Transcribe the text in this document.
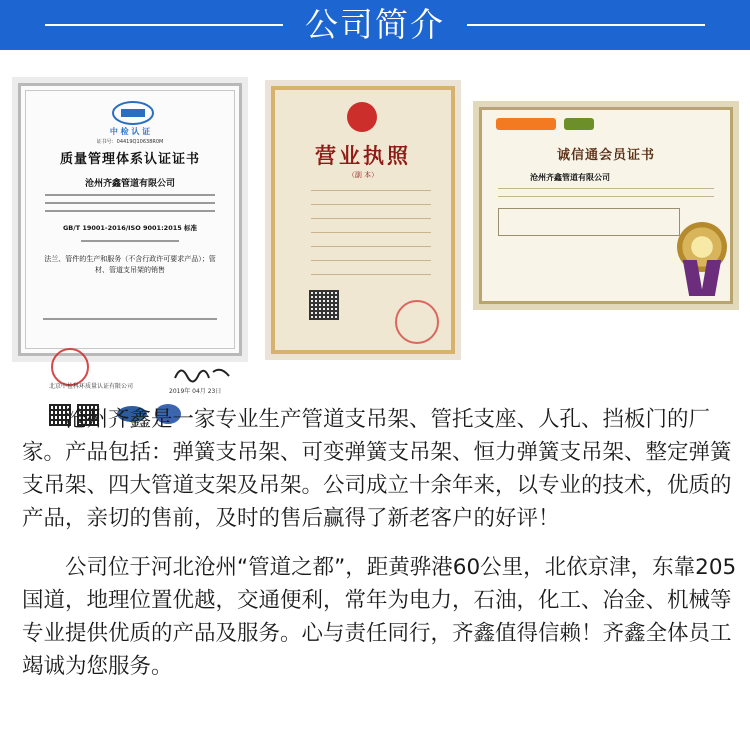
公司简介
中 检 认 证
证书号：04419Q10638R0M
质量管理体系认证证书
沧州齐鑫管道有限公司
GB/T 19001-2016/ISO 9001:2015 标准
法兰、管件的生产和服务（不含行政许可要求产品）；管材、管道支吊架的销售
北京中检科环质量认证有限公司
2019年 04月 23日
营业执照
（副 本）
诚信通会员证书
沧州齐鑫管道有限公司

　　沧州齐鑫是一家专业生产管道支吊架、管托支座、人孔、挡板门的厂家。产品包括：弹簧支吊架、可变弹簧支吊架、恒力弹簧支吊架、整定弹簧支吊架、四大管道支架及吊架。公司成立十余年来，以专业的技术，优质的产品，亲切的售前，及时的售后赢得了新老客户的好评！

　　公司位于河北沧州“管道之都”，距黄骅港60公里，北依京津，东靠205国道，地理位置优越，交通便利，常年为电力，石油，化工、冶金、机械等专业提供优质的产品及服务。心与责任同行，齐鑫值得信赖！齐鑫全体员工竭诚为您服务。
